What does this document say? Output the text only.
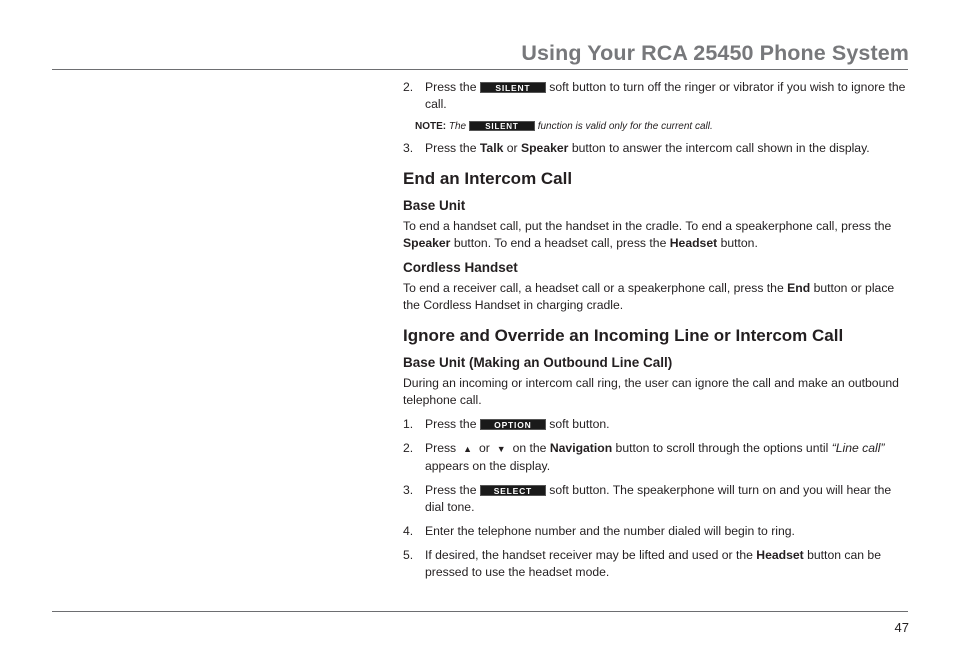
Using Your RCA 25450 Phone System
2. Press the SILENT soft button to turn off the ringer or vibrator if you wish to ignore the call.
NOTE: The SILENT function is valid only for the current call.
3. Press the Talk or Speaker button to answer the intercom call shown in the display.
End an Intercom Call
Base Unit
To end a handset call, put the handset in the cradle. To end a speakerphone call, press the Speaker button. To end a headset call, press the Headset button.
Cordless Handset
To end a receiver call, a headset call or a speakerphone call, press the End button or place the Cordless Handset in charging cradle.
Ignore and Override an Incoming Line or Intercom Call
Base Unit (Making an Outbound Line Call)
During an incoming or intercom call ring, the user can ignore the call and make an outbound telephone call.
1. Press the OPTION soft button.
2. Press ▲ or ▼ on the Navigation button to scroll through the options until “Line call” appears on the display.
3. Press the SELECT soft button. The speakerphone will turn on and you will hear the dial tone.
4. Enter the telephone number and the number dialed will begin to ring.
5. If desired, the handset receiver may be lifted and used or the Headset button can be pressed to use the headset mode.
47
